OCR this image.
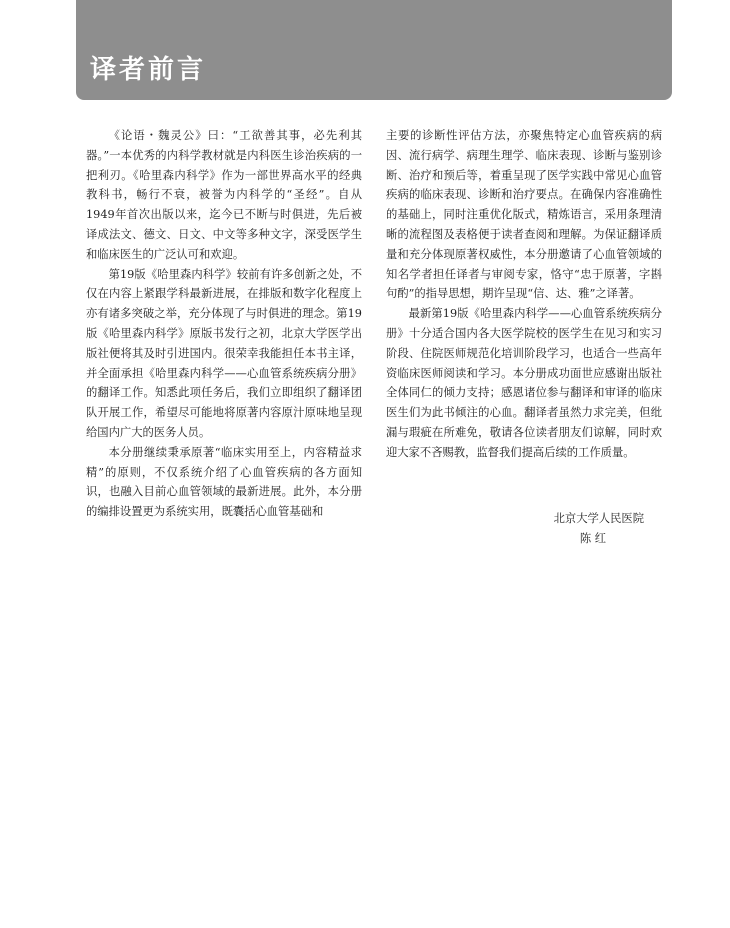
译者前言

《论语・魏灵公》曰：“工欲善其事，必先利其器。”一本优秀的内科学教材就是内科医生诊治疾病的一把利刃。《哈里森内科学》作为一部世界高水平的经典教科书，畅行不衰，被誉为内科学的“圣经”。自从1949年首次出版以来，迄今已不断与时俱进，先后被译成法文、德文、日文、中文等多种文字，深受医学生和临床医生的广泛认可和欢迎。

第19版《哈里森内科学》较前有许多创新之处，不仅在内容上紧跟学科最新进展，在排版和数字化程度上亦有诸多突破之举，充分体现了与时俱进的理念。第19版《哈里森内科学》原版书发行之初，北京大学医学出版社便将其及时引进国内。很荣幸我能担任本书主译，并全面承担《哈里森内科学——心血管系统疾病分册》的翻译工作。知悉此项任务后，我们立即组织了翻译团队开展工作，希望尽可能地将原著内容原汁原味地呈现给国内广大的医务人员。

本分册继续秉承原著“临床实用至上，内容精益求精”的原则，不仅系统介绍了心血管疾病的各方面知识，也融入目前心血管领域的最新进展。此外，本分册的编排设置更为系统实用，既囊括心血管基础和

主要的诊断性评估方法，亦聚焦特定心血管疾病的病因、流行病学、病理生理学、临床表现、诊断与鉴别诊断、治疗和预后等，着重呈现了医学实践中常见心血管疾病的临床表现、诊断和治疗要点。在确保内容准确性的基础上，同时注重优化版式，精炼语言，采用条理清晰的流程图及表格便于读者查阅和理解。为保证翻译质量和充分体现原著权威性，本分册邀请了心血管领域的知名学者担任译者与审阅专家，恪守“忠于原著，字斟句酌”的指导思想，期许呈现“信、达、雅”之译著。

最新第19版《哈里森内科学——心血管系统疾病分册》十分适合国内各大医学院校的医学生在见习和实习阶段、住院医师规范化培训阶段学习，也适合一些高年资临床医师阅读和学习。本分册成功面世应感谢出版社全体同仁的倾力支持；感恩诸位参与翻译和审译的临床医生们为此书倾注的心血。翻译者虽然力求完美，但纰漏与瑕疵在所难免，敬请各位读者朋友们谅解，同时欢迎大家不吝赐教，监督我们提高后续的工作质量。

北京大学人民医院
陈 红
